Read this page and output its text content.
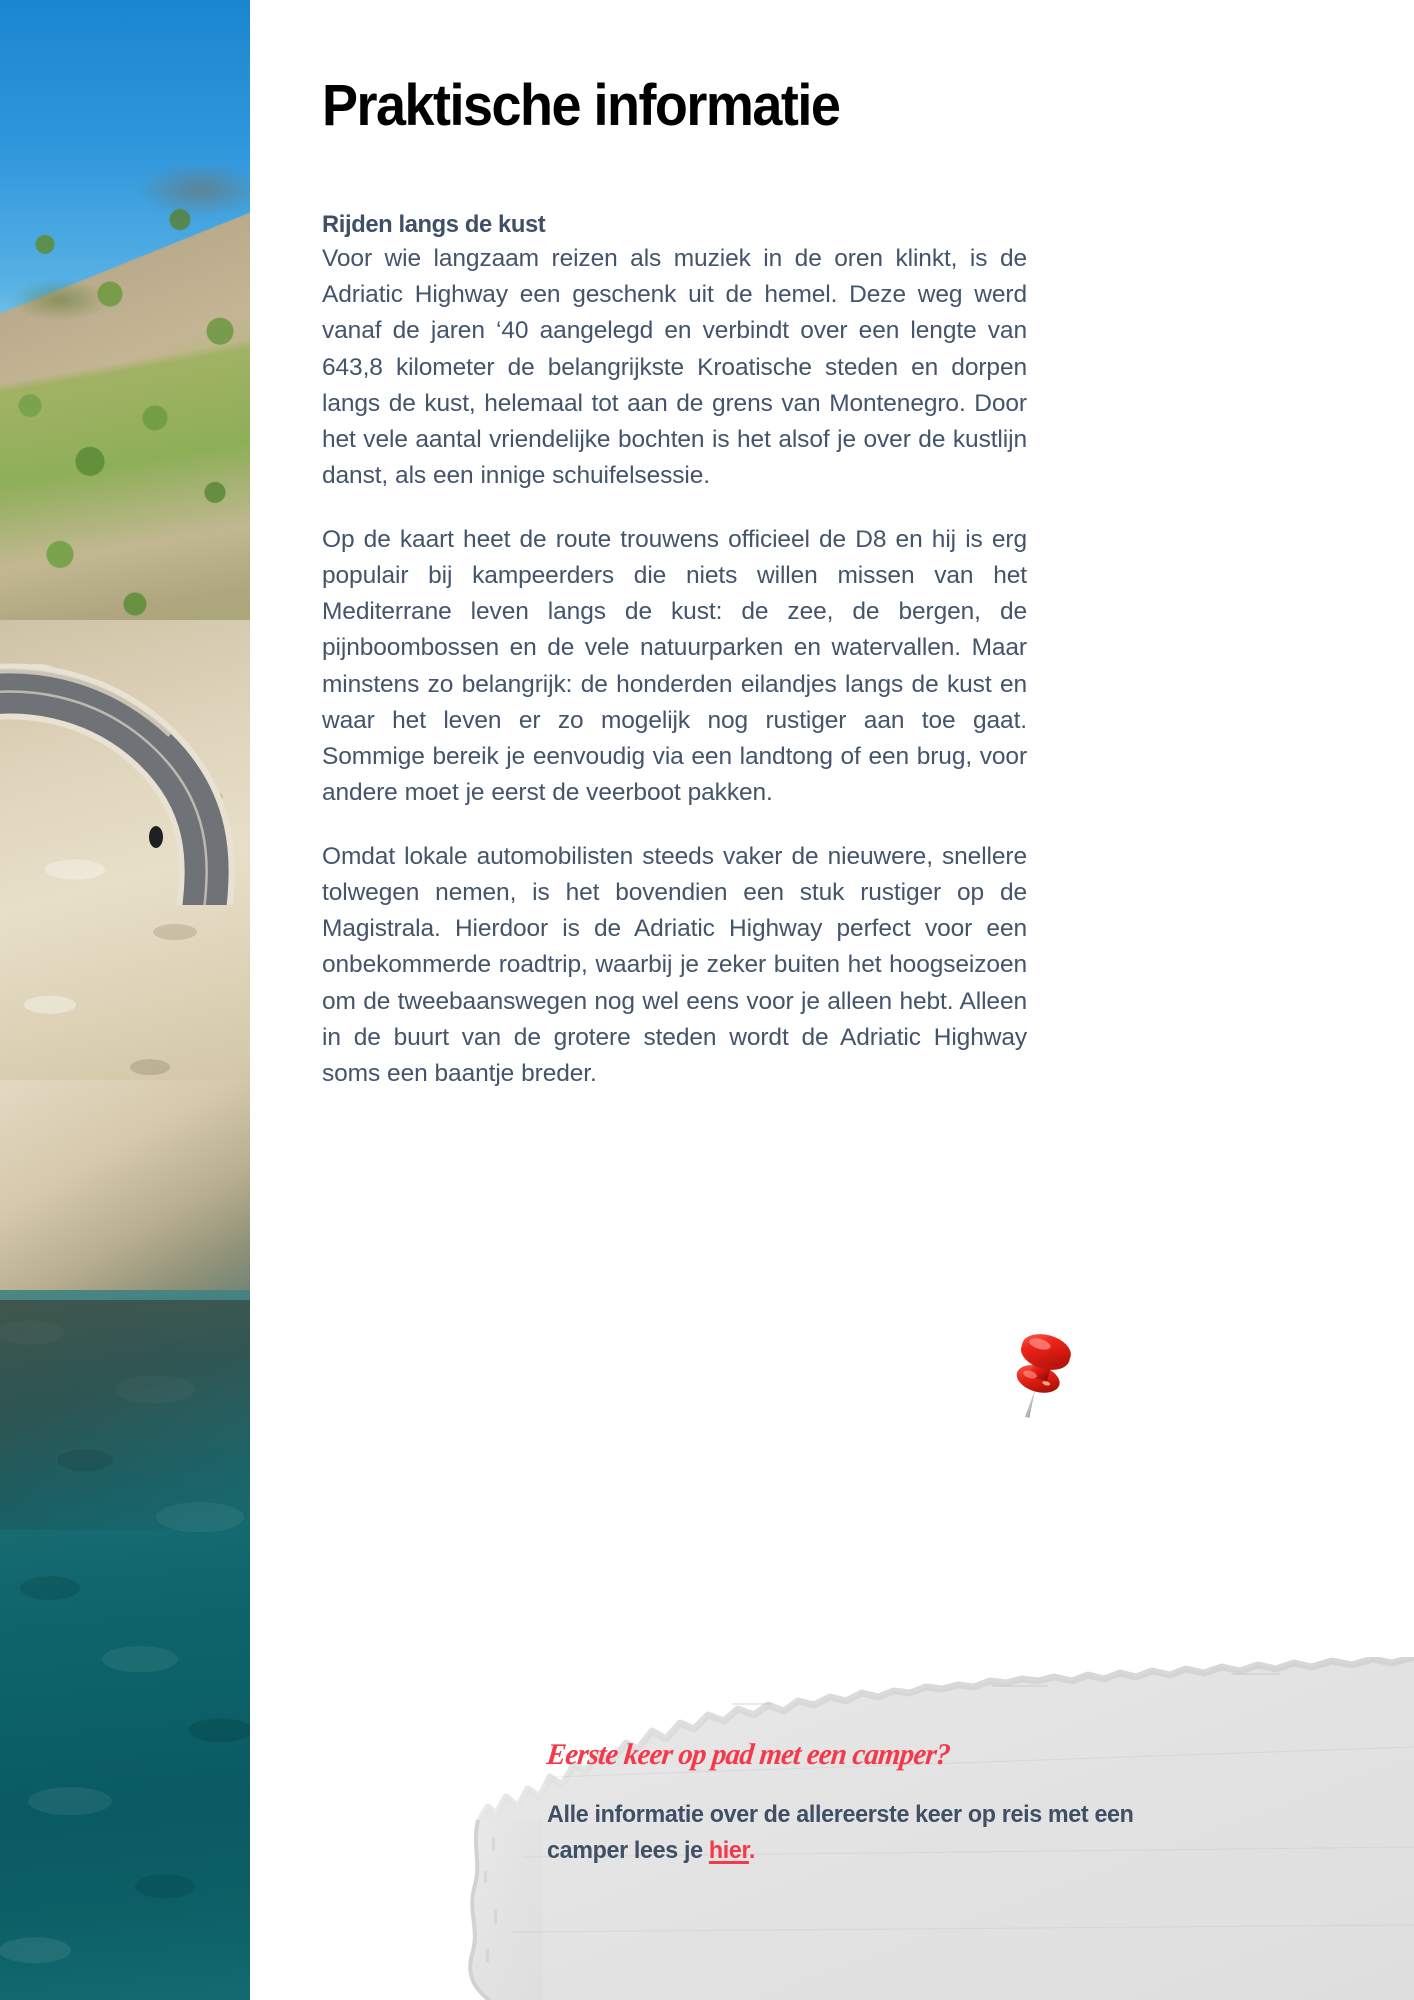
Praktische informatie
Rijden langs de kust

Voor wie langzaam reizen als muziek in de oren klinkt, is de Adriatic Highway een geschenk uit de hemel. Deze weg werd vanaf de jaren ‘40 aangelegd en verbindt over een lengte van 643,8 kilometer de belangrijkste Kroatische steden en dorpen langs de kust, helemaal tot aan de grens van Montenegro. Door het vele aantal vriendelijke bochten is het alsof je over de kustlijn danst, als een innige schuifelsessie.

Op de kaart heet de route trouwens officieel de D8 en hij is erg populair bij kampeerders die niets willen missen van het Mediterrane leven langs de kust: de zee, de bergen, de pijnboombossen en de vele natuurparken en watervallen. Maar minstens zo belangrijk: de honderden eilandjes langs de kust en waar het leven er zo mogelijk nog rustiger aan toe gaat. Sommige bereik je eenvoudig via een landtong of een brug, voor andere moet je eerst de veerboot pakken.

Omdat lokale automobilisten steeds vaker de nieuwere, snellere tolwegen nemen, is het bovendien een stuk rustiger op de Magistrala. Hierdoor is de Adriatic Highway perfect voor een onbekommerde roadtrip, waarbij je zeker buiten het hoogseizoen om de tweebaanswegen nog wel eens voor je alleen hebt. Alleen in de buurt van de grotere steden wordt de Adriatic Highway soms een baantje breder.

Eerste keer op pad met een camper?
Alle informatie over de allereerste keer op reis met een camper lees je hier.
